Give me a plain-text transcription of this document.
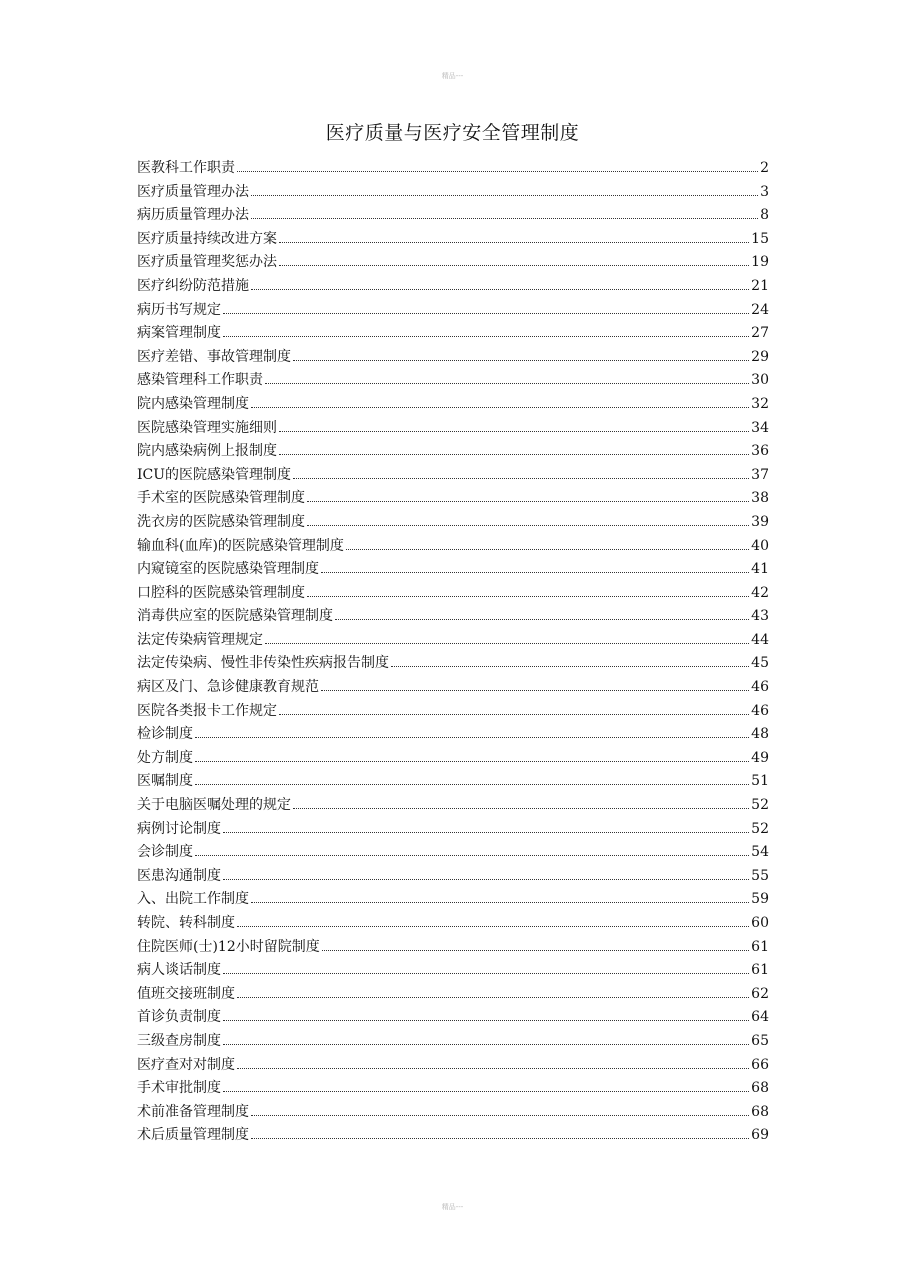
精品---
医疗质量与医疗安全管理制度
医教科工作职责	2
医疗质量管理办法	3
病历质量管理办法	8
医疗质量持续改进方案	15
医疗质量管理奖惩办法	19
医疗纠纷防范措施	21
病历书写规定	24
病案管理制度	27
医疗差错、事故管理制度	29
感染管理科工作职责	30
院内感染管理制度	32
医院感染管理实施细则	34
院内感染病例上报制度	36
ICU的医院感染管理制度	37
手术室的医院感染管理制度	38
洗衣房的医院感染管理制度	39
输血科(血库)的医院感染管理制度	40
内窥镜室的医院感染管理制度	41
口腔科的医院感染管理制度	42
消毒供应室的医院感染管理制度	43
法定传染病管理规定	44
法定传染病、慢性非传染性疾病报告制度	45
病区及门、急诊健康教育规范	46
医院各类报卡工作规定	46
检诊制度	48
处方制度	49
医嘱制度	51
关于电脑医嘱处理的规定	52
病例讨论制度	52
会诊制度	54
医患沟通制度	55
入、出院工作制度	59
转院、转科制度	60
住院医师(士)12小时留院制度	61
病人谈话制度	61
值班交接班制度	62
首诊负责制度	64
三级查房制度	65
医疗查对对制度	66
手术审批制度	68
术前准备管理制度	68
术后质量管理制度	69
精品---
